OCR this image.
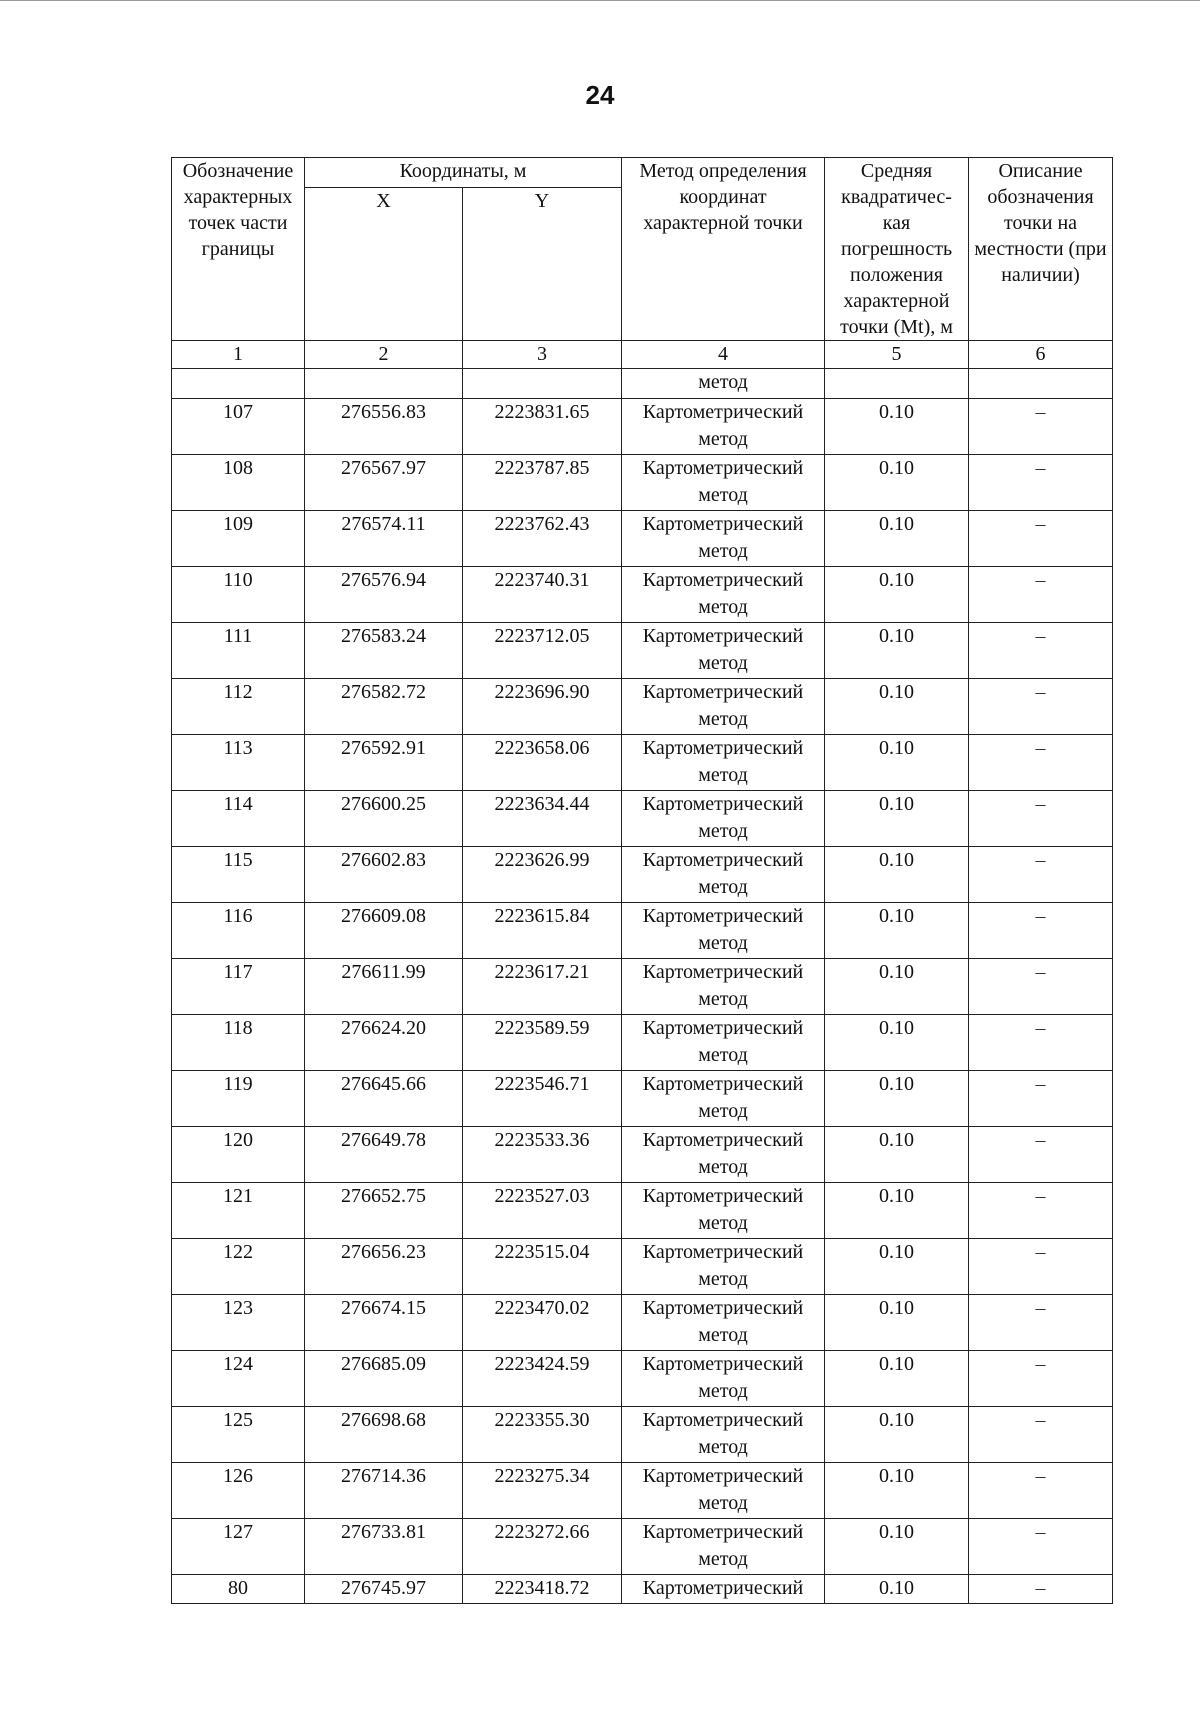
24
Обозначение характерных точек части границы	Координаты, м		Метод определения координат характерной точки	Средняя квадратичес-кая погрешность положения характерной точки (Mt), м	Описание обозначения точки на местности (при наличии)
	X	Y			
1	2	3	4	5	6
			метод		
107	276556.83	2223831.65	Картометрический метод	0.10	–
108	276567.97	2223787.85	Картометрический метод	0.10	–
109	276574.11	2223762.43	Картометрический метод	0.10	–
110	276576.94	2223740.31	Картометрический метод	0.10	–
111	276583.24	2223712.05	Картометрический метод	0.10	–
112	276582.72	2223696.90	Картометрический метод	0.10	–
113	276592.91	2223658.06	Картометрический метод	0.10	–
114	276600.25	2223634.44	Картометрический метод	0.10	–
115	276602.83	2223626.99	Картометрический метод	0.10	–
116	276609.08	2223615.84	Картометрический метод	0.10	–
117	276611.99	2223617.21	Картометрический метод	0.10	–
118	276624.20	2223589.59	Картометрический метод	0.10	–
119	276645.66	2223546.71	Картометрический метод	0.10	–
120	276649.78	2223533.36	Картометрический метод	0.10	–
121	276652.75	2223527.03	Картометрический метод	0.10	–
122	276656.23	2223515.04	Картометрический метод	0.10	–
123	276674.15	2223470.02	Картометрический метод	0.10	–
124	276685.09	2223424.59	Картометрический метод	0.10	–
125	276698.68	2223355.30	Картометрический метод	0.10	–
126	276714.36	2223275.34	Картометрический метод	0.10	–
127	276733.81	2223272.66	Картометрический метод	0.10	–
80	276745.97	2223418.72	Картометрический	0.10	–
